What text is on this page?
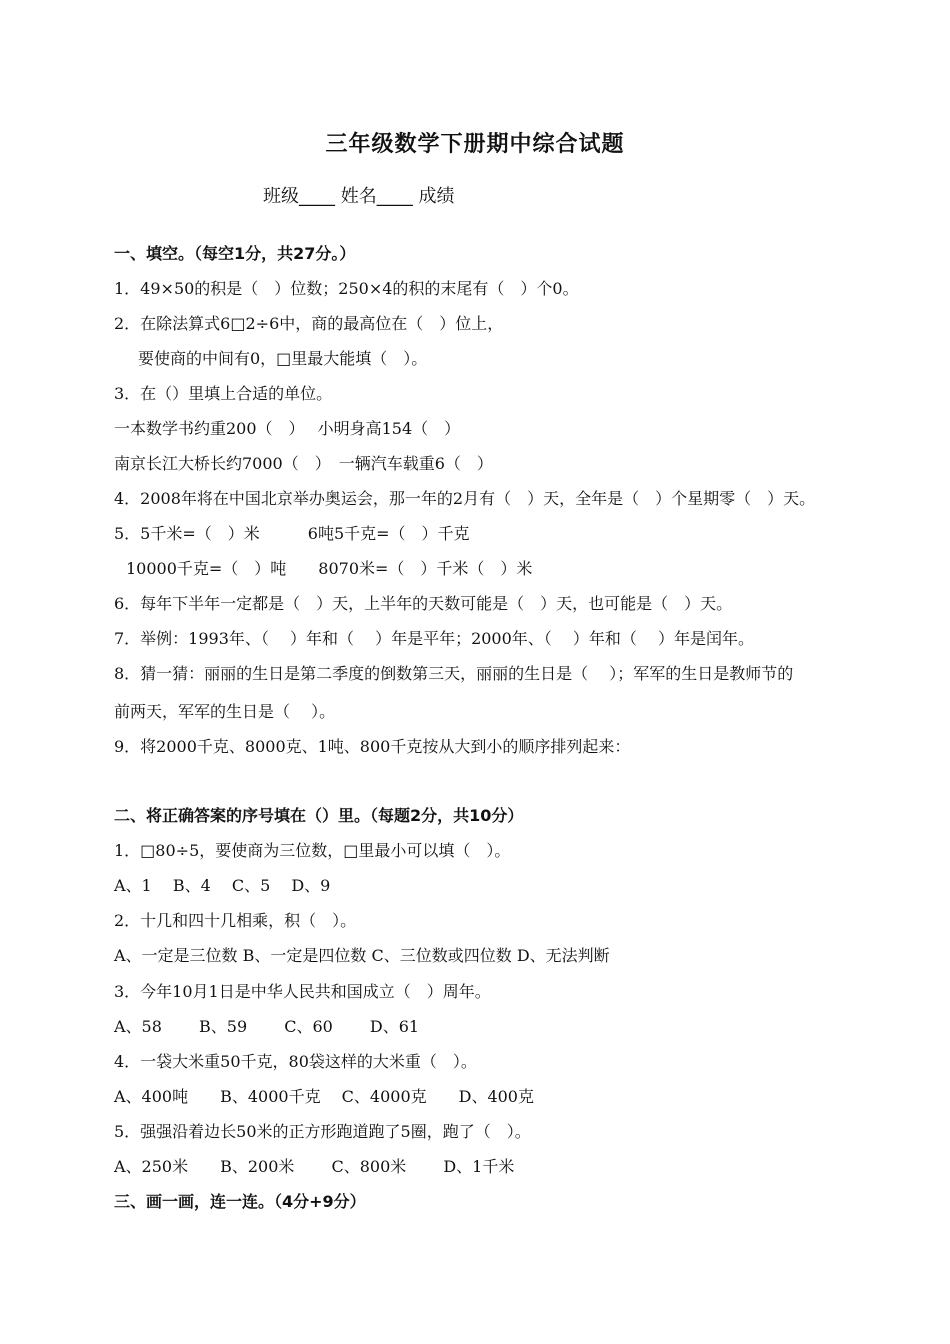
三年级数学下册期中综合试题
班级____ 姓名____ 成绩
一、填空。（每空1分，共27分。）
1．49×50的积是（　）位数；250×4的积的末尾有（　）个0。
2．在除法算式6□2÷6中，商的最高位在（　）位上，
要使商的中间有0，□里最大能填（　）。
3．在（）里填上合适的单位。
一本数学书约重200（　）　 小明身高154（　）
南京长江大桥长约7000（　）　一辆汽车载重6（　）
4．2008年将在中国北京举办奥运会，那一年的2月有（　）天，全年是（　）个星期零（　）天。
5．5千米=（　）米　　　6吨5千克=（　）千克
10000千克=（　）吨　　8070米=（　）千米（　）米
6．每年下半年一定都是（　）天，上半年的天数可能是（　）天，也可能是（　）天。
7．举例：1993年、（　 ）年和（　 ）年是平年；2000年、（　 ）年和（　 ）年是闰年。
8．猜一猜：丽丽的生日是第二季度的倒数第三天，丽丽的生日是（　 ）；军军的生日是教师节的
前两天，军军的生日是（　 ）。
9．将2000千克、8000克、1吨、800千克按从大到小的顺序排列起来：
二、将正确答案的序号填在（）里。（每题2分，共10分）
1．□80÷5，要使商为三位数，□里最小可以填（　）。
A、1　 B、4　 C、5　 D、9
2．十几和四十几相乘，积（　）。
A、一定是三位数 B、一定是四位数 C、三位数或四位数 D、无法判断
3．今年10月1日是中华人民共和国成立（　）周年。
A、58　　 B、59　　 C、60　　 D、61
4．一袋大米重50千克，80袋这样的大米重（　）。
A、400吨　　B、4000千克　 C、4000克　　D、400克
5．强强沿着边长50米的正方形跑道跑了5圈，跑了（　）。
A、250米　　B、200米　　 C、800米　　 D、1千米
三、画一画，连一连。（4分+9分）
